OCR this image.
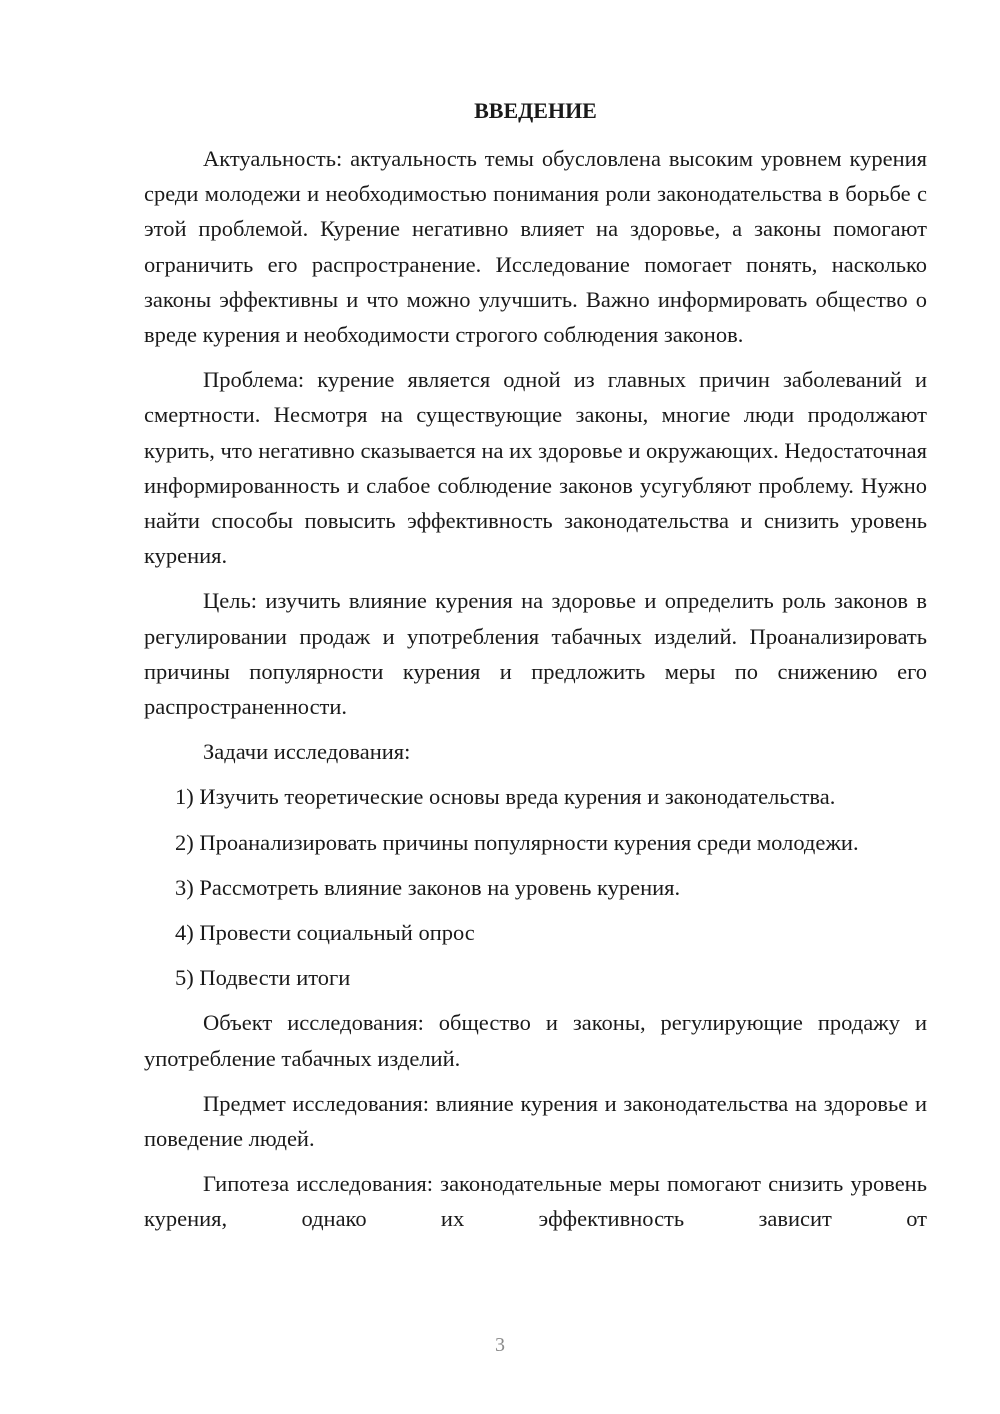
ВВЕДЕНИЕ

Актуальность: актуальность темы обусловлена высоким уровнем курения среди молодежи и необходимостью понимания роли законодательства в борьбе с этой проблемой. Курение негативно влияет на здоровье, а законы помогают ограничить его распространение. Исследование помогает понять, насколько законы эффективны и что можно улучшить. Важно информировать общество о вреде курения и необходимости строгого соблюдения законов.

Проблема: курение является одной из главных причин заболеваний и смертности. Несмотря на существующие законы, многие люди продолжают курить, что негативно сказывается на их здоровье и окружающих. Недостаточная информированность и слабое соблюдение законов усугубляют проблему. Нужно найти способы повысить эффективность законодательства и снизить уровень курения.

Цель: изучить влияние курения на здоровье и определить роль законов в регулировании продаж и употребления табачных изделий. Проанализировать причины популярности курения и предложить меры по снижению его распространенности.

Задачи исследования:

1) Изучить теоретические основы вреда курения и законодательства.

2) Проанализировать причины популярности курения среди молодежи.

3) Рассмотреть влияние законов на уровень курения.

4) Провести социальный опрос

5) Подвести итоги

Объект исследования: общество и законы, регулирующие продажу и употребление табачных изделий.

Предмет исследования: влияние курения и законодательства на здоровье и поведение людей.

Гипотеза исследования: законодательные меры помогают снизить уровень курения, однако их эффективность зависит от

3
